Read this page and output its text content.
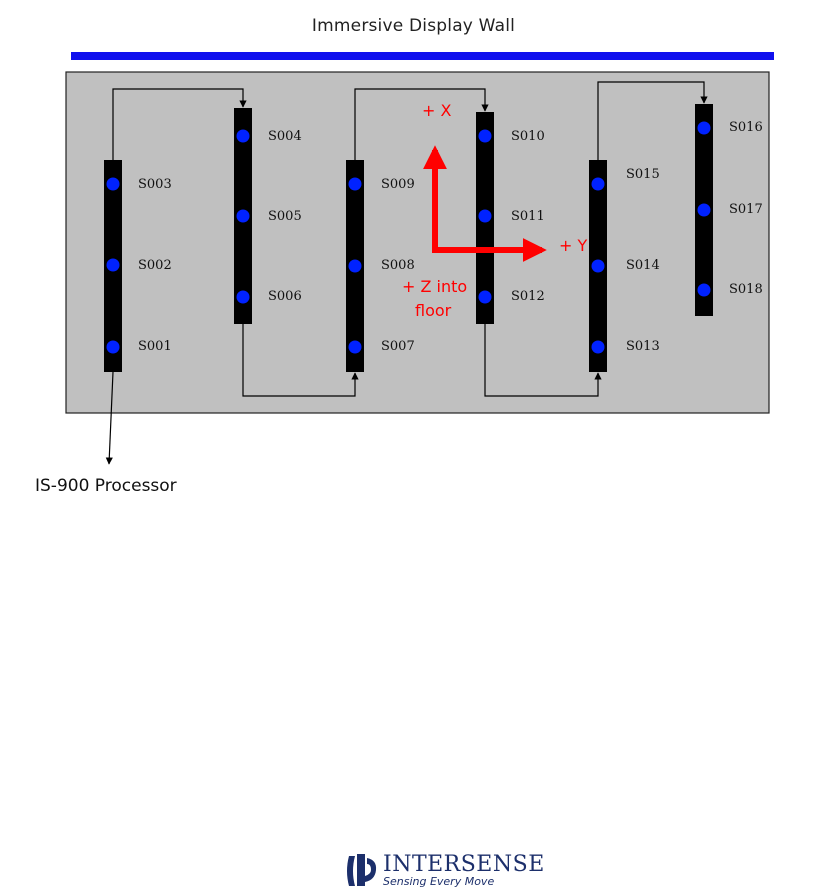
Immersive Display Wall
S001
S002
S003
S004
S005
S006
S007
S008
S009
S010
S011
S012
S013
S014
S015
S016
S017
S018
+ X
+ Y
+ Z into
floor
IS-900 Processor
INTERSENSE
Sensing Every Move
